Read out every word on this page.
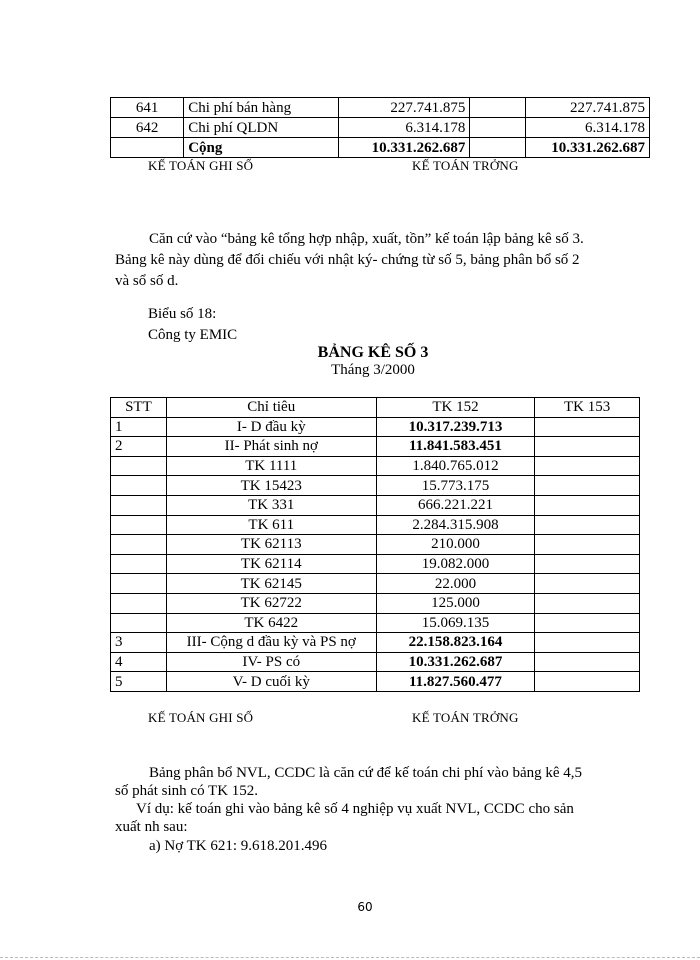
641	Chi phí bán hàng	227.741.875		227.741.875
642	Chi phí QLDN	6.314.178		6.314.178
	Cộng	10.331.262.687		10.331.262.687
KẾ TOÁN GHI SỔ	KẾ TOÁN TRỞNG
Căn cứ vào “bảng kê tổng hợp nhập, xuất, tồn” kế toán lập bảng kê số 3.
Bảng kê này dùng để đối chiếu với nhật ký- chứng từ số 5, bảng phân bổ số 2
và sổ số d.
Biểu số 18:
Công ty EMIC
BẢNG KÊ SỐ 3
Tháng 3/2000
STT	Chỉ tiêu	TK 152	TK 153
1	I- D đầu kỳ	10.317.239.713	
2	II- Phát sinh nợ	11.841.583.451	
	TK 1111	1.840.765.012	
	TK 15423	15.773.175	
	TK 331	666.221.221	
	TK 611	2.284.315.908	
	TK 62113	210.000	
	TK 62114	19.082.000	
	TK 62145	22.000	
	TK 62722	125.000	
	TK 6422	15.069.135	
3	III- Cộng d đầu kỳ và PS nợ	22.158.823.164	
4	IV- PS có	10.331.262.687	
5	V- D cuối kỳ	11.827.560.477	
KẾ TOÁN GHI SỔ	KẾ TOÁN TRỞNG
Bảng phân bổ NVL, CCDC là căn cứ để kế toán chi phí vào bảng kê 4,5
số phát sinh có TK 152.
Ví dụ: kế toán ghi vào bảng kê số 4 nghiệp vụ xuất NVL, CCDC cho sản
xuất nh sau:
a) Nợ TK 621: 9.618.201.496
60
